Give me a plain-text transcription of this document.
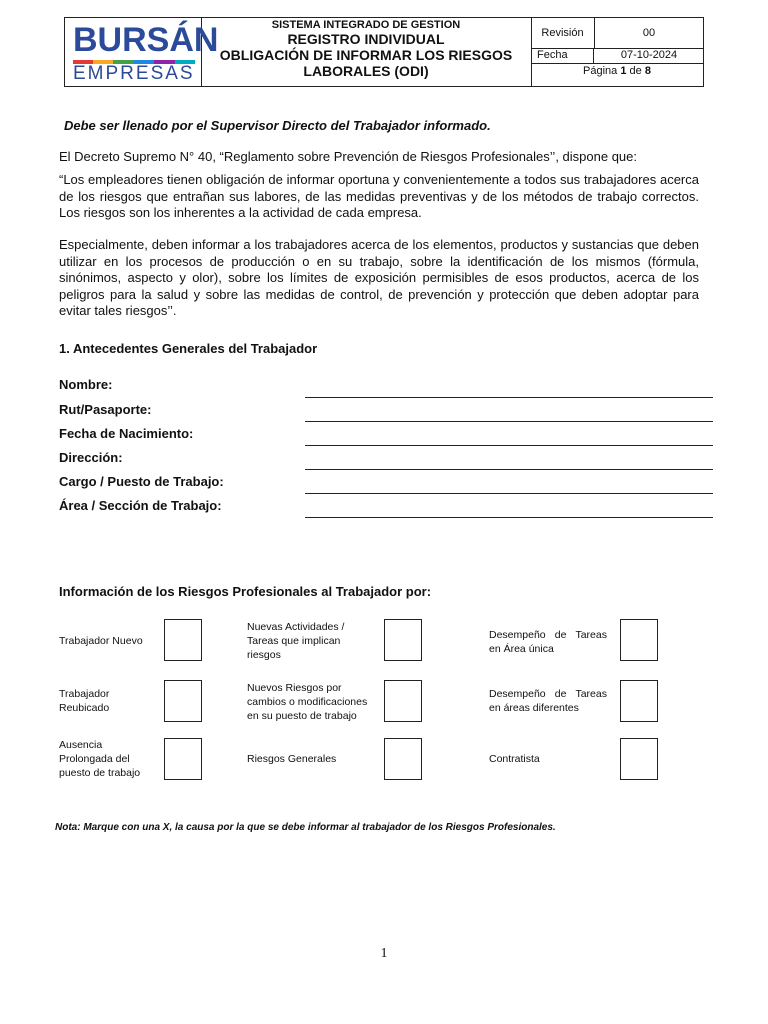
BURSÁN
EMPRESAS
SISTEMA INTEGRADO DE GESTION
REGISTRO INDIVIDUAL
OBLIGACIÓN DE INFORMAR LOS RIESGOS
LABORALES (ODI)
Revisión	00
Fecha	07-10-2024
Página 1 de 8
Debe ser llenado por el Supervisor Directo del Trabajador informado.
El Decreto Supremo N° 40, “Reglamento sobre Prevención de Riesgos Profesionales’’, dispone que:
“Los empleadores tienen obligación de informar oportuna y convenientemente a todos sus trabajadores acerca de los riesgos que entrañan sus labores, de las medidas preventivas y de los métodos de trabajo correctos. Los riesgos son los inherentes a la actividad de cada empresa.
Especialmente, deben informar a los trabajadores acerca de los elementos, productos y sustancias que deben utilizar en los procesos de producción o en su trabajo, sobre la identificación de los mismos (fórmula, sinónimos, aspecto y olor), sobre los límites de exposición permisibles de esos productos, acerca de los peligros para la salud y sobre las medidas de control, de prevención y protección que deben adoptar para evitar tales riesgos’’.
1. Antecedentes Generales del Trabajador
Nombre:
Rut/Pasaporte:
Fecha de Nacimiento:
Dirección:
Cargo / Puesto de Trabajo:
Área / Sección de Trabajo:
Información de los Riesgos Profesionales al Trabajador por:
Trabajador Nuevo
Nuevas Actividades / Tareas que implican riesgos
Desempeño de Tareas en Área única
Trabajador Reubicado
Nuevos Riesgos por cambios o modificaciones en su puesto de trabajo
Desempeño de Tareas en áreas diferentes
Ausencia Prolongada del puesto de trabajo
Riesgos Generales	Contratista
Nota: Marque con una X, la causa por la que se debe informar al trabajador de los Riesgos Profesionales.
1
